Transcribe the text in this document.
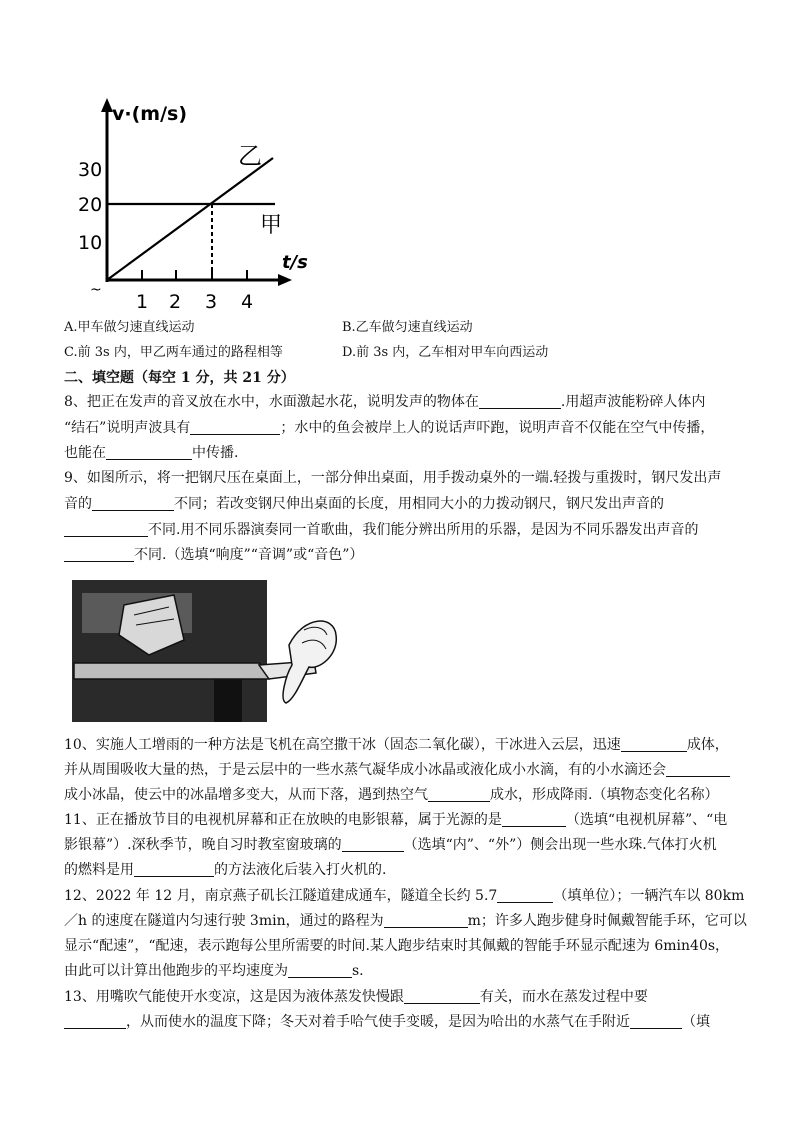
v·(m/s)
30
20
10
乙
甲
t/s
~
1 2 3 4
A.甲车做匀速直线运动	B.乙车做匀速直线运动
C.前 3s 内，甲乙两车通过的路程相等	D.前 3s 内，乙车相对甲车向西运动
二、填空题（每空 1 分，共 21 分）
8、把正在发声的音叉放在水中，水面激起水花，说明发声的物体在	.用超声波能粉碎人体内
“结石”说明声波具有	；水中的鱼会被岸上人的说话声吓跑，说明声音不仅能在空气中传播，
也能在	中传播.
9、如图所示，将一把钢尺压在桌面上，一部分伸出桌面，用手拨动桌外的一端.轻拨与重拨时，钢尺发出声
音的	不同；若改变钢尺伸出桌面的长度，用相同大小的力拨动钢尺，钢尺发出声音的
不同.用不同乐器演奏同一首歌曲，我们能分辨出所用的乐器，是因为不同乐器发出声音的
不同.（选填“响度”“音调”或“音色”）
10、实施人工增雨的一种方法是飞机在高空撒干冰（固态二氧化碳），干冰进入云层，迅速	成体，
并从周围吸收大量的热，于是云层中的一些水蒸气凝华成小冰晶或液化成小水滴，有的小水滴还会
成小冰晶，使云中的冰晶增多变大，从而下落，遇到热空气	成水，形成降雨.（填物态变化名称）
11、正在播放节目的电视机屏幕和正在放映的电影银幕，属于光源的是	（选填“电视机屏幕”、“电
影银幕”）.深秋季节，晚自习时教室窗玻璃的	（选填“内”、“外”）侧会出现一些水珠.气体打火机
的燃料是用	的方法液化后装入打火机的.
12、2022 年 12 月，南京燕子矶长江隧道建成通车，隧道全长约 5.7	（填单位）；一辆汽车以 80km
／h 的速度在隧道内匀速行驶 3min，通过的路程为	m；许多人跑步健身时佩戴智能手环，它可以
显示“配速”，“配速，表示跑每公里所需要的时间.某人跑步结束时其佩戴的智能手环显示配速为 6min40s，
由此可以计算出他跑步的平均速度为	s.
13、用嘴吹气能使开水变凉，这是因为液体蒸发快慢跟	有关，而水在蒸发过程中要
，从而使水的温度下降；冬天对着手哈气使手变暖，是因为哈出的水蒸气在手附近	（填
